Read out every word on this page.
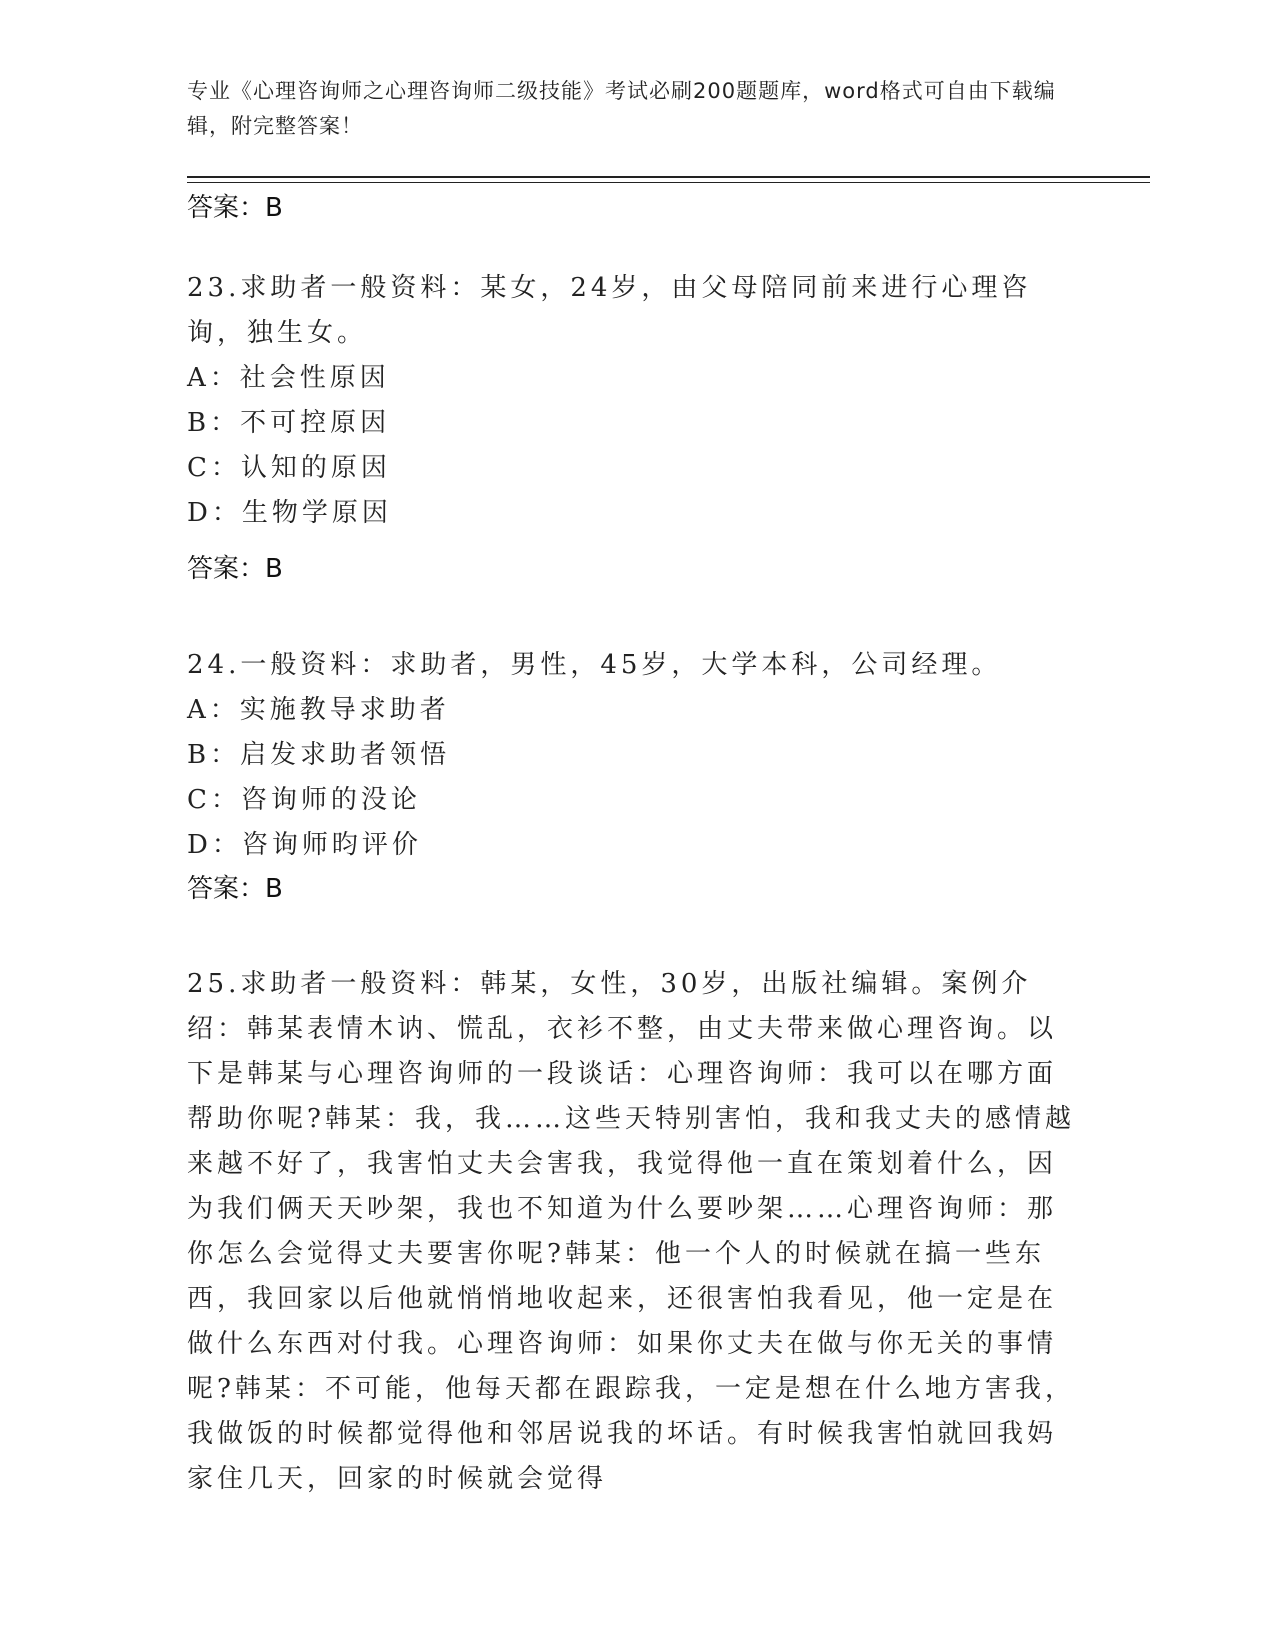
专业《心理咨询师之心理咨询师二级技能》考试必刷200题题库，word格式可自由下载编辑，附完整答案！
答案：B
23.求助者一般资料：某女，24岁，由父母陪同前来进行心理咨询，独生女。
A：社会性原因
B：不可控原因
C：认知的原因
D：生物学原因
答案：B
24.一般资料：求助者，男性，45岁，大学本科，公司经理。
A：实施教导求助者
B：启发求助者领悟
C：咨询师的没论
D：咨询师昀评价
答案：B
25.求助者一般资料：韩某，女性，30岁，出版社编辑。案例介绍：韩某表情木讷、慌乱，衣衫不整，由丈夫带来做心理咨询。以下是韩某与心理咨询师的一段谈话：心理咨询师：我可以在哪方面帮助你呢?韩某：我，我……这些天特别害怕，我和我丈夫的感情越来越不好了，我害怕丈夫会害我，我觉得他一直在策划着什么，因为我们俩天天吵架，我也不知道为什么要吵架……心理咨询师：那你怎么会觉得丈夫要害你呢?韩某：他一个人的时候就在搞一些东西，我回家以后他就悄悄地收起来，还很害怕我看见，他一定是在做什么东西对付我。心理咨询师：如果你丈夫在做与你无关的事情呢?韩某：不可能，他每天都在跟踪我，一定是想在什么地方害我，我做饭的时候都觉得他和邻居说我的坏话。有时候我害怕就回我妈家住几天，回家的时候就会觉得
